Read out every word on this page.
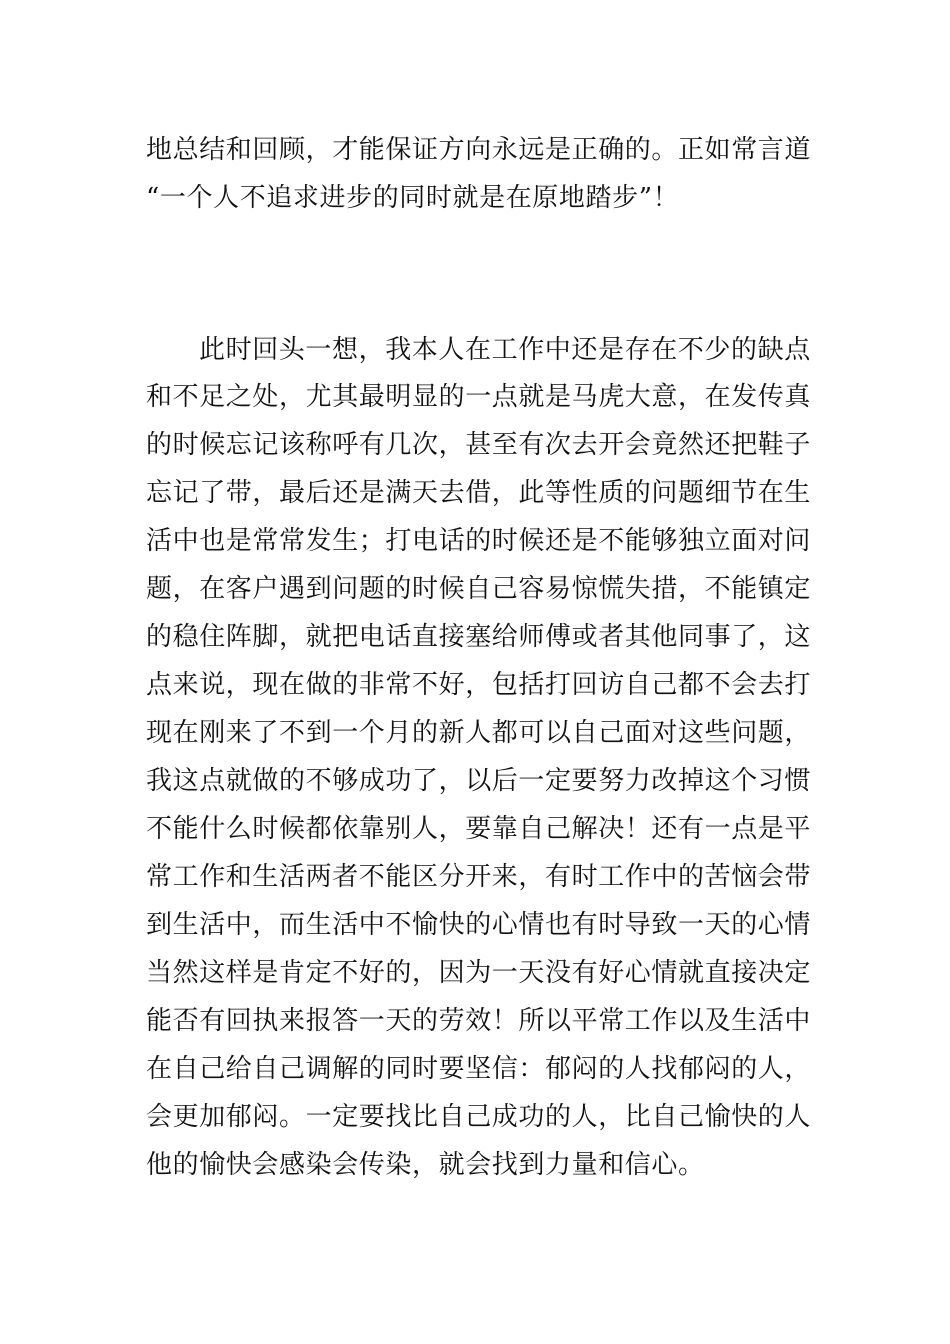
地总结和回顾，才能保证方向永远是正确的。正如常言道
“一个人不追求进步的同时就是在原地踏步”！
此时回头一想，我本人在工作中还是存在不少的缺点
和不足之处，尤其最明显的一点就是马虎大意，在发传真
的时候忘记该称呼有几次，甚至有次去开会竟然还把鞋子
忘记了带，最后还是满天去借，此等性质的问题细节在生
活中也是常常发生；打电话的时候还是不能够独立面对问
题，在客户遇到问题的时候自己容易惊慌失措，不能镇定
的稳住阵脚，就把电话直接塞给师傅或者其他同事了，这
点来说，现在做的非常不好，包括打回访自己都不会去打
现在刚来了不到一个月的新人都可以自己面对这些问题，
我这点就做的不够成功了，以后一定要努力改掉这个习惯
不能什么时候都依靠别人，要靠自己解决！还有一点是平
常工作和生活两者不能区分开来，有时工作中的苦恼会带
到生活中，而生活中不愉快的心情也有时导致一天的心情
当然这样是肯定不好的，因为一天没有好心情就直接决定
能否有回执来报答一天的劳效！所以平常工作以及生活中
在自己给自己调解的同时要坚信：郁闷的人找郁闷的人，
会更加郁闷。一定要找比自己成功的人，比自己愉快的人
他的愉快会感染会传染，就会找到力量和信心。
